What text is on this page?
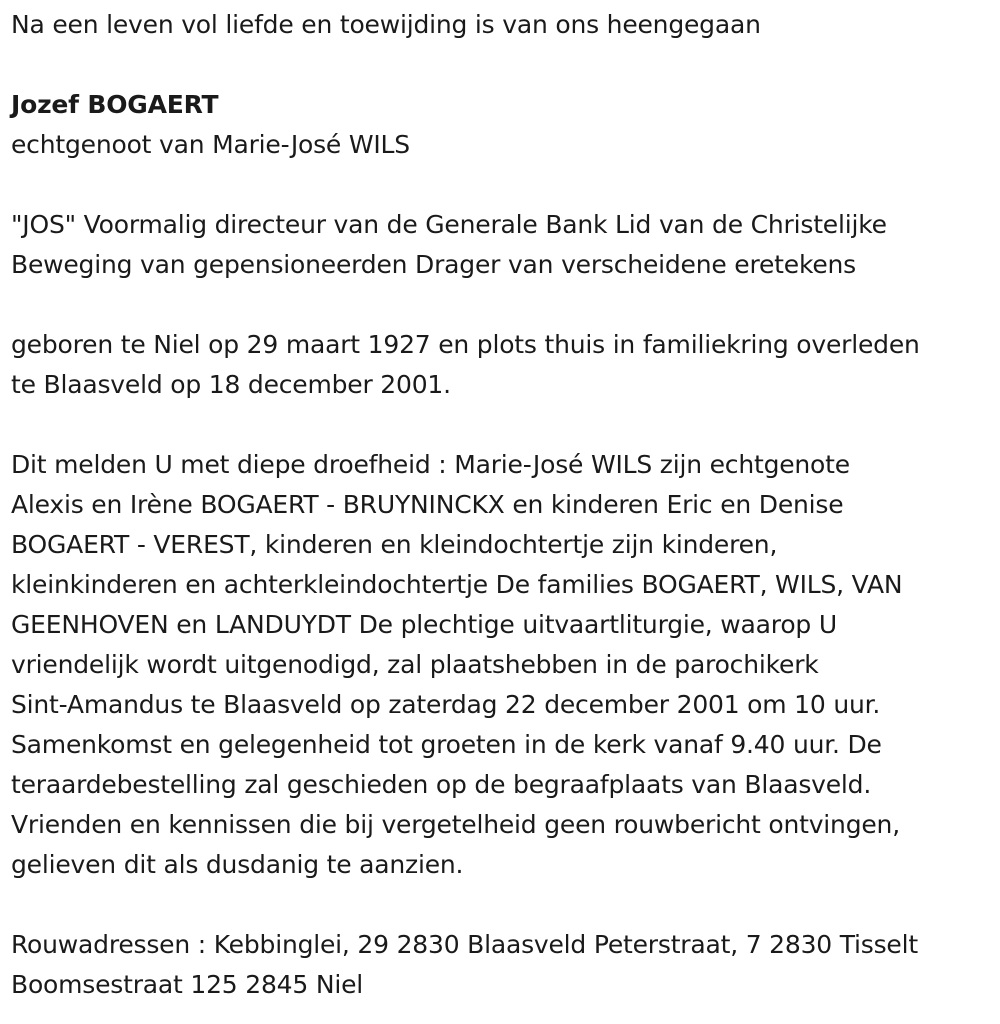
Na een leven vol liefde en toewijding is van ons heengegaan
Jozef BOGAERT
echtgenoot van Marie-José WILS
"JOS" Voormalig directeur van de Generale Bank Lid van de Christelijke
Beweging van gepensioneerden Drager van verscheidene eretekens
geboren te Niel op 29 maart 1927 en plots thuis in familiekring overleden
te Blaasveld op 18 december 2001.
Dit melden U met diepe droefheid : Marie-José WILS zijn echtgenote
Alexis en Irène BOGAERT - BRUYNINCKX en kinderen Eric en Denise
BOGAERT - VEREST, kinderen en kleindochtertje zijn kinderen,
kleinkinderen en achterkleindochtertje De families BOGAERT, WILS, VAN
GEENHOVEN en LANDUYDT De plechtige uitvaartliturgie, waarop U
vriendelijk wordt uitgenodigd, zal plaatshebben in de parochikerk
Sint-Amandus te Blaasveld op zaterdag 22 december 2001 om 10 uur.
Samenkomst en gelegenheid tot groeten in de kerk vanaf 9.40 uur. De
teraardebestelling zal geschieden op de begraafplaats van Blaasveld.
Vrienden en kennissen die bij vergetelheid geen rouwbericht ontvingen,
gelieven dit als dusdanig te aanzien.
Rouwadressen : Kebbinglei, 29 2830 Blaasveld Peterstraat, 7 2830 Tisselt
Boomsestraat 125 2845 Niel
